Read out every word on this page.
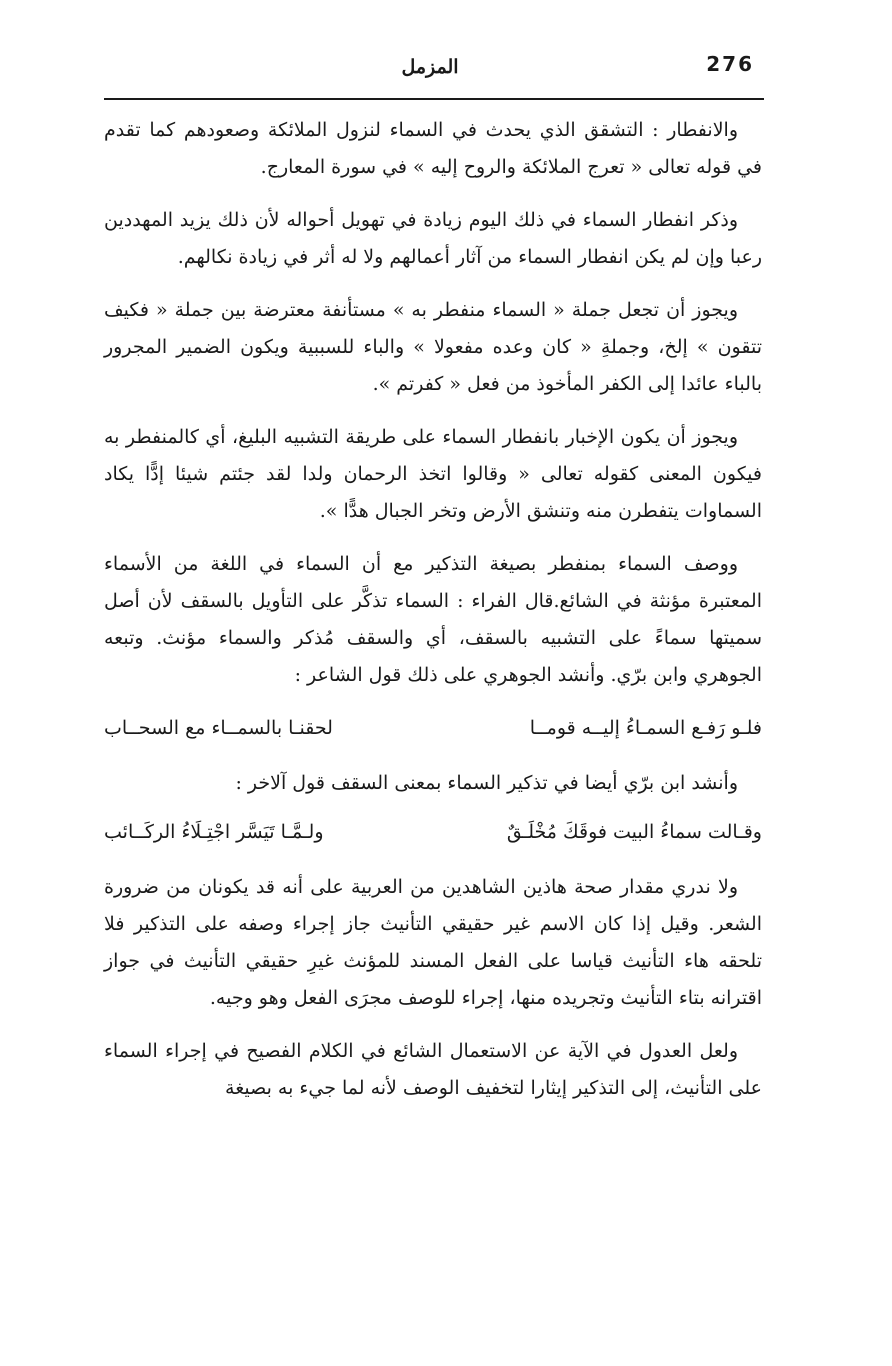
276
المزمل

والانفطار : التشقق الذي يحدث في السماء لنزول الملائكة وصعودهم كما تقدم في قوله تعالى « تعرج الملائكة والروح إليه » في سورة المعارج.

وذكر انفطار السماء في ذلك اليوم زيادة في تهويل أحواله لأن ذلك يزيد المهددين رعبا وإن لم يكن انفطار السماء من آثار أعمالهم ولا له أثر في زيادة نكالهم.

ويجوز أن تجعل جملة « السماء منفطر به » مستأنفة معترضة بين جملة « فكيف تتقون » إلخ، وجملةِ « كان وعده مفعولا » والباء للسببية ويكون الضمير المجرور بالباء عائدا إلى الكفر المأخوذ من فعل « كفرتم ».

ويجوز أن يكون الإخبار بانفطار السماء على طريقة التشبيه البليغ، أي كالمنفطر به فيكون المعنى كقوله تعالى « وقالوا اتخذ الرحمان ولدا لقد جئتم شيئا إدًّا يكاد السماوات يتفطرن منه وتنشق الأرض وتخر الجبال هدًّا ».

ووصف السماء بمنفطر بصيغة التذكير مع أن السماء في اللغة من الأسماء المعتبرة مؤنثة في الشائع.قال الفراء : السماء تذكَّر على التأويل بالسقف لأن أصل سميتها سماءً على التشبيه بالسقف، أي والسقف مُذكر والسماء مؤنث. وتبعه الجوهري وابن برّي. وأنشد الجوهري على ذلك قول الشاعر :

فلـو رَفـع السمـاءُ إليــه قومــا
لحقنـا بالسمــاء مع السحــاب

وأنشد ابن برّي أيضا في تذكير السماء بمعنى السقف قول آلاخر :

وقـالت سماءُ البيت فوقَكَ مُخْلَـقٌ
ولـمَّـا تَيَسَّر اجْتِـلَاءُ الركَــائب

ولا ندري مقدار صحة هاذين الشاهدين من العربية على أنه قد يكونان من ضرورة الشعر. وقيل إذا كان الاسم غير حقيقي التأنيث جاز إجراء وصفه على التذكير فلا تلحقه هاء التأنيث قياسا على الفعل المسند للمؤنث غيرِ حقيقي التأنيث في جواز اقترانه بتاء التأنيث وتجريده منها، إجراء للوصف مجرَى الفعل وهو وجيه.

ولعل العدول في الآية عن الاستعمال الشائع في الكلام الفصيح في إجراء السماء على التأنيث، إلى التذكير إيثارا لتخفيف الوصف لأنه لما جيء به بصيغة
